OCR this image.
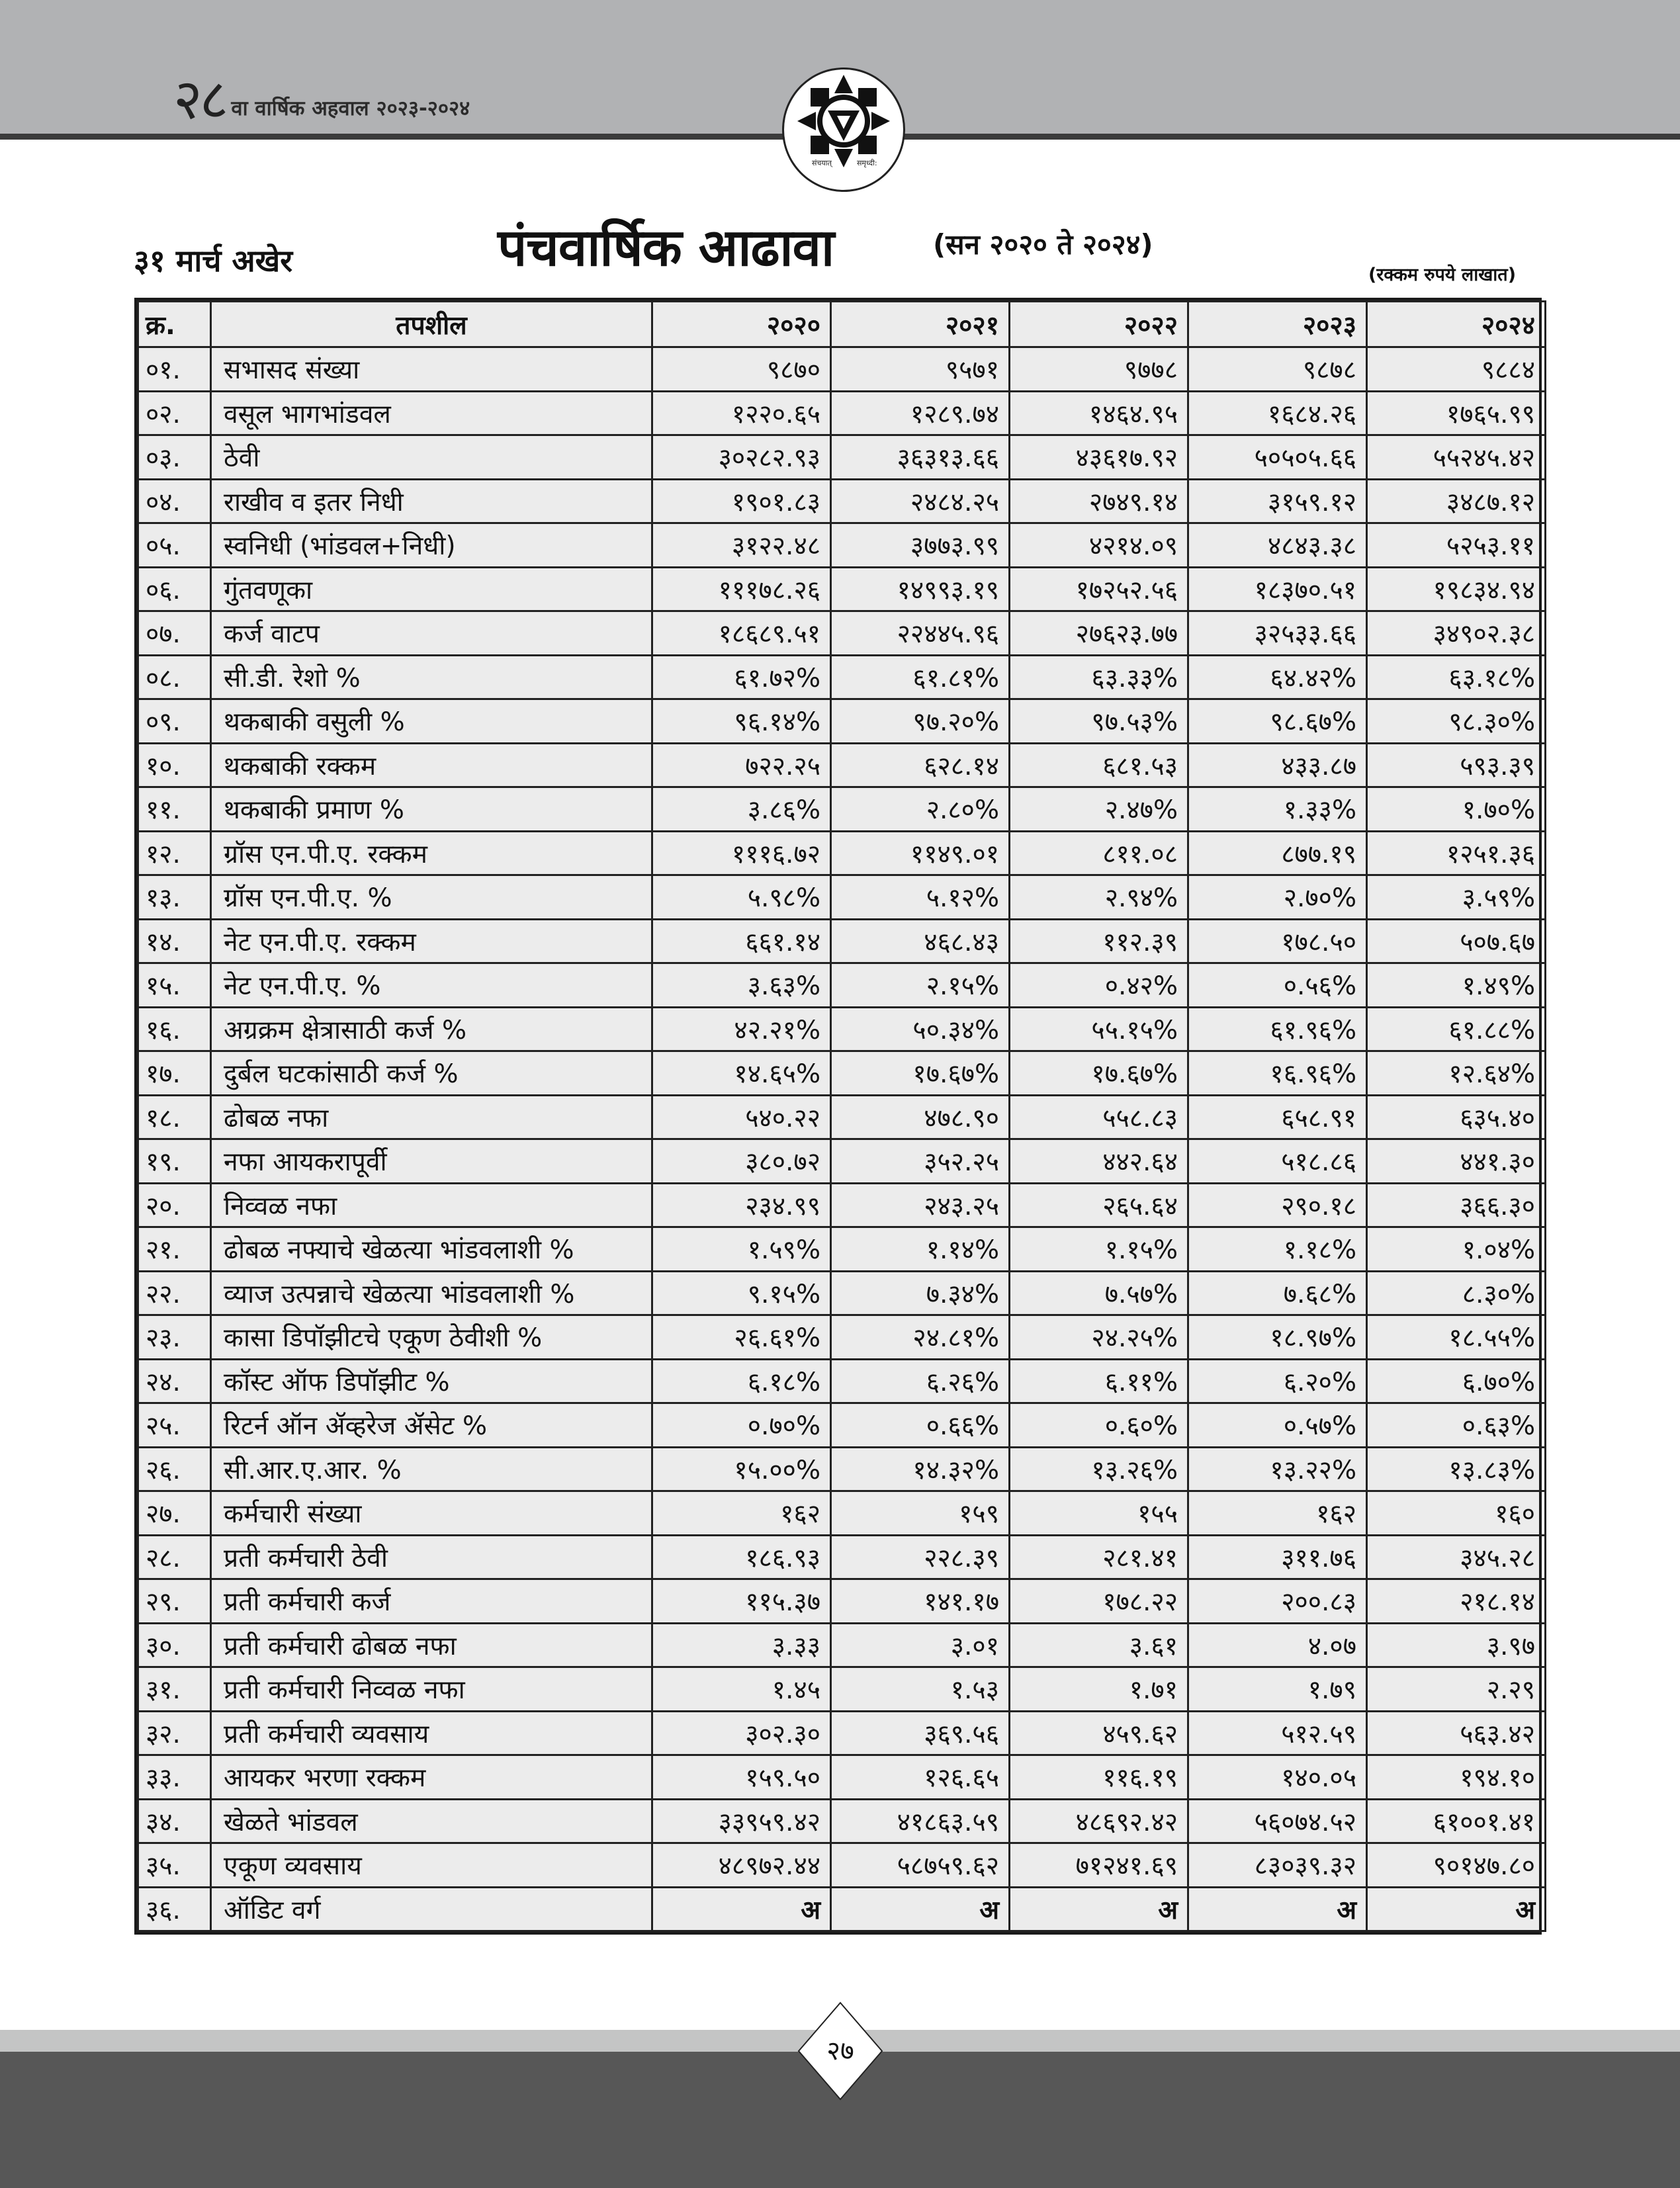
२८ वा वार्षिक अहवाल २०२३-२०२४
संचयात्	समृध्दी:
३१ मार्च अखेर	पंचवार्षिक आढावा	(सन २०२० ते २०२४)
(रक्कम रुपये लाखात)
क्र.	तपशील	२०२०	२०२१	२०२२	२०२३	२०२४
०१.	सभासद संख्या	९८७०	९५७१	९७७८	९८७८	९८८४
०२.	वसूल भागभांडवल	१२२०.६५	१२८९.७४	१४६४.९५	१६८४.२६	१७६५.९९
०३.	ठेवी	३०२८२.९३	३६३१३.६६	४३६१७.९२	५०५०५.६६	५५२४५.४२
०४.	राखीव व इतर निधी	१९०१.८३	२४८४.२५	२७४९.१४	३१५९.१२	३४८७.१२
०५.	स्वनिधी (भांडवल+निधी)	३१२२.४८	३७७३.९९	४२१४.०९	४८४३.३८	५२५३.११
०६.	गुंतवणूका	१११७८.२६	१४९९३.१९	१७२५२.५६	१८३७०.५१	१९८३४.९४
०७.	कर्ज वाटप	१८६८९.५१	२२४४५.९६	२७६२३.७७	३२५३३.६६	३४९०२.३८
०८.	सी.डी. रेशो %	६१.७२%	६१.८१%	६३.३३%	६४.४२%	६३.१८%
०९.	थकबाकी वसुली %	९६.१४%	९७.२०%	९७.५३%	९८.६७%	९८.३०%
१०.	थकबाकी रक्कम	७२२.२५	६२८.१४	६८१.५३	४३३.८७	५९३.३९
११.	थकबाकी प्रमाण %	३.८६%	२.८०%	२.४७%	१.३३%	१.७०%
१२.	ग्रॉस एन.पी.ए. रक्कम	१११६.७२	११४९.०१	८११.०८	८७७.१९	१२५१.३६
१३.	ग्रॉस एन.पी.ए. %	५.९८%	५.१२%	२.९४%	२.७०%	३.५९%
१४.	नेट एन.पी.ए. रक्कम	६६१.१४	४६८.४३	११२.३९	१७८.५०	५०७.६७
१५.	नेट एन.पी.ए. %	३.६३%	२.१५%	०.४२%	०.५६%	१.४९%
१६.	अग्रक्रम क्षेत्रासाठी कर्ज %	४२.२१%	५०.३४%	५५.१५%	६१.९६%	६१.८८%
१७.	दुर्बल घटकांसाठी कर्ज %	१४.६५%	१७.६७%	१७.६७%	१६.९६%	१२.६४%
१८.	ढोबळ नफा	५४०.२२	४७८.९०	५५८.८३	६५८.९१	६३५.४०
१९.	नफा आयकरापूर्वी	३८०.७२	३५२.२५	४४२.६४	५१८.८६	४४१.३०
२०.	निव्वळ नफा	२३४.९९	२४३.२५	२६५.६४	२९०.१८	३६६.३०
२१.	ढोबळ नफ्याचे खेळत्या भांडवलाशी %	१.५९%	१.१४%	१.१५%	१.१८%	१.०४%
२२.	व्याज उत्पन्नाचे खेळत्या भांडवलाशी %	९.१५%	७.३४%	७.५७%	७.६८%	८.३०%
२३.	कासा डिपॉझीटचे एकूण ठेवीशी %	२६.६१%	२४.८१%	२४.२५%	१८.९७%	१८.५५%
२४.	कॉस्ट ऑफ डिपॉझीट %	६.१८%	६.२६%	६.११%	६.२०%	६.७०%
२५.	रिटर्न ऑन ॲव्हरेज ॲसेट %	०.७०%	०.६६%	०.६०%	०.५७%	०.६३%
२६.	सी.आर.ए.आर. %	१५.००%	१४.३२%	१३.२६%	१३.२२%	१३.८३%
२७.	कर्मचारी संख्या	१६२	१५९	१५५	१६२	१६०
२८.	प्रती कर्मचारी ठेवी	१८६.९३	२२८.३९	२८१.४१	३११.७६	३४५.२८
२९.	प्रती कर्मचारी कर्ज	११५.३७	१४१.१७	१७८.२२	२००.८३	२१८.१४
३०.	प्रती कर्मचारी ढोबळ नफा	३.३३	३.०१	३.६१	४.०७	३.९७
३१.	प्रती कर्मचारी निव्वळ नफा	१.४५	१.५३	१.७१	१.७९	२.२९
३२.	प्रती कर्मचारी व्यवसाय	३०२.३०	३६९.५६	४५९.६२	५१२.५९	५६३.४२
३३.	आयकर भरणा रक्कम	१५९.५०	१२६.६५	११६.१९	१४०.०५	१९४.१०
३४.	खेळते भांडवल	३३९५९.४२	४१८६३.५९	४८६९२.४२	५६०७४.५२	६१००१.४१
३५.	एकूण व्यवसाय	४८९७२.४४	५८७५९.६२	७१२४१.६९	८३०३९.३२	९०१४७.८०
३६.	ऑडिट वर्ग	अ	अ	अ	अ	अ
२७
